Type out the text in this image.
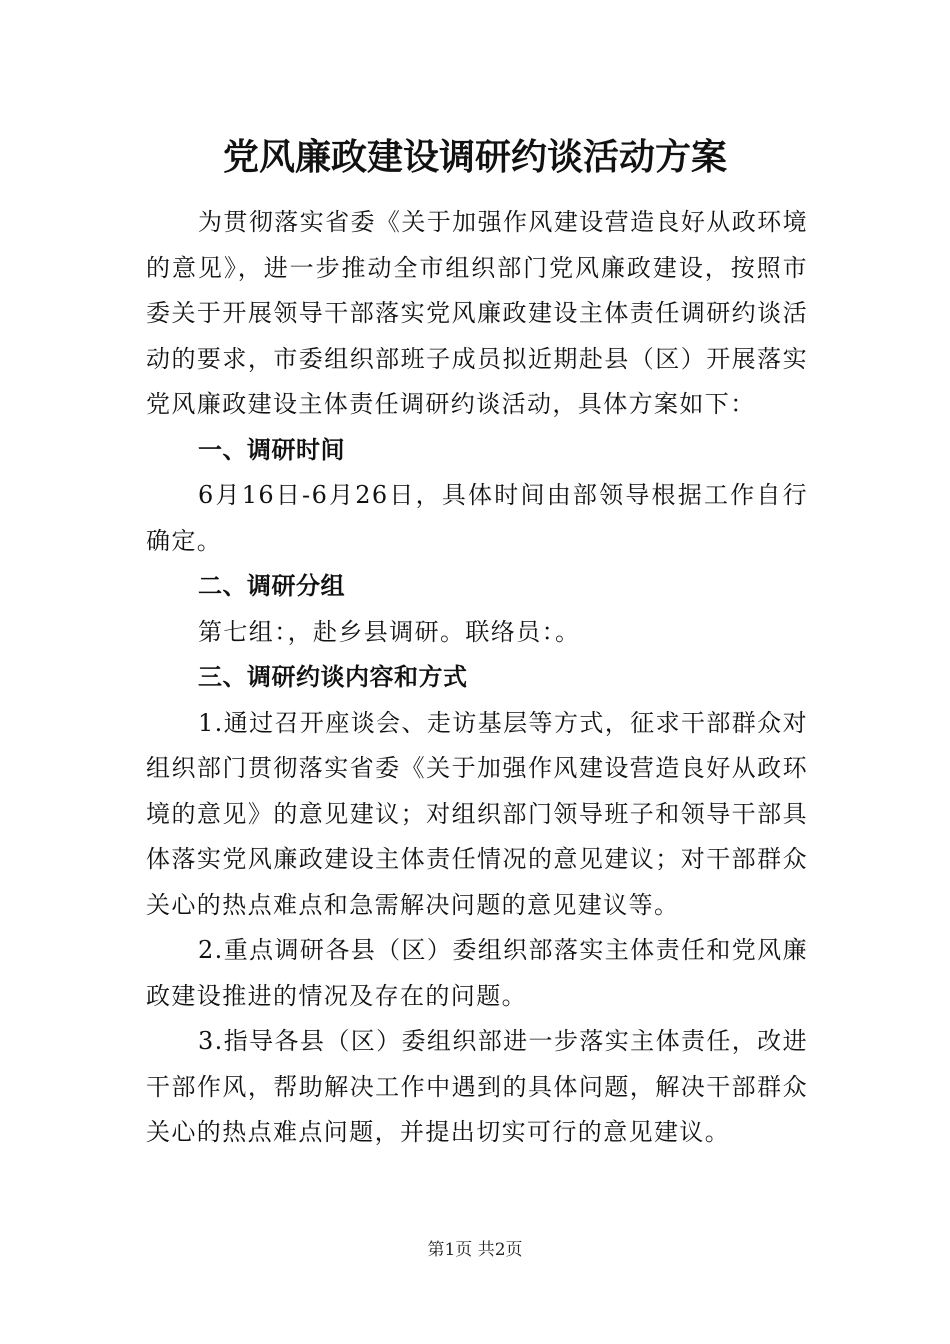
党风廉政建设调研约谈活动方案

为贯彻落实省委《关于加强作风建设营造良好从政环境的意见》，进一步推动全市组织部门党风廉政建设，按照市委关于开展领导干部落实党风廉政建设主体责任调研约谈活动的要求，市委组织部班子成员拟近期赴县（区）开展落实党风廉政建设主体责任调研约谈活动，具体方案如下：

一、调研时间

6月16日-6月26日，具体时间由部领导根据工作自行确定。

二、调研分组

第七组：，赴乡县调研。联络员：。

三、调研约谈内容和方式

1.通过召开座谈会、走访基层等方式，征求干部群众对组织部门贯彻落实省委《关于加强作风建设营造良好从政环境的意见》的意见建议；对组织部门领导班子和领导干部具体落实党风廉政建设主体责任情况的意见建议；对干部群众关心的热点难点和急需解决问题的意见建议等。

2.重点调研各县（区）委组织部落实主体责任和党风廉政建设推进的情况及存在的问题。

3.指导各县（区）委组织部进一步落实主体责任，改进干部作风，帮助解决工作中遇到的具体问题，解决干部群众关心的热点难点问题，并提出切实可行的意见建议。

第1页 共2页
